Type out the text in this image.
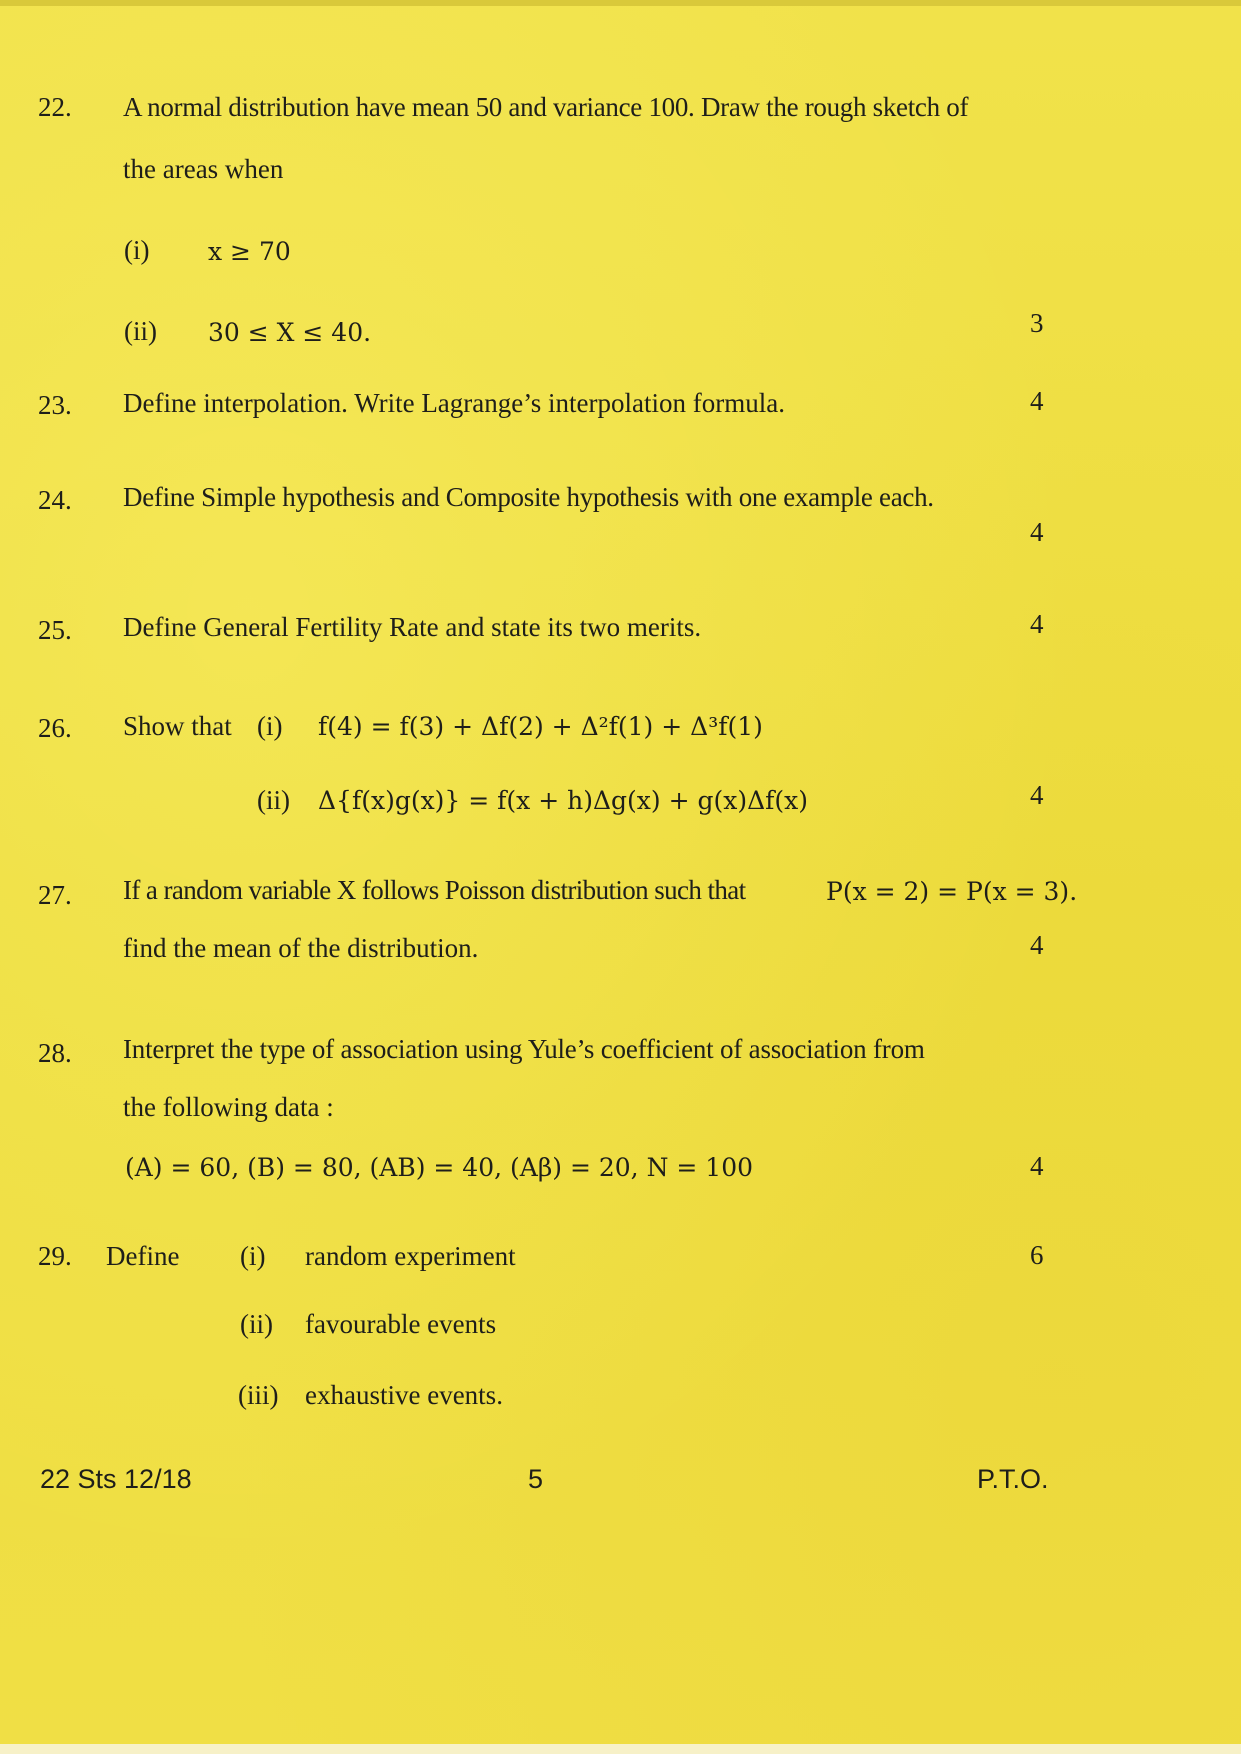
22. A normal distribution have mean 50 and variance 100. Draw the rough sketch of
the areas when
(i) x ≥ 70
(ii) 30 ≤ X ≤ 40.	3
23. Define interpolation. Write Lagrange’s interpolation formula.	4
24. Define Simple hypothesis and Composite hypothesis with one example each.
4
25. Define General Fertility Rate and state its two merits.	4
26. Show that (i) f(4) = f(3) + Δf(2) + Δ²f(1) + Δ³f(1)
(ii) Δ{f(x)g(x)} = f(x + h)Δg(x) + g(x)Δf(x)	4
27. If a random variable X follows Poisson distribution such that	P(x = 2) = P(x = 3).
find the mean of the distribution.	4
28. Interpret the type of association using Yule’s coefficient of association from
the following data :
(A) = 60, (B) = 80, (AB) = 40, (Aβ) = 20, N = 100	4
29. Define (i) random experiment
(ii) favourable events
(iii) exhaustive events.
6
22 Sts 12/18	5	P.T.O.
